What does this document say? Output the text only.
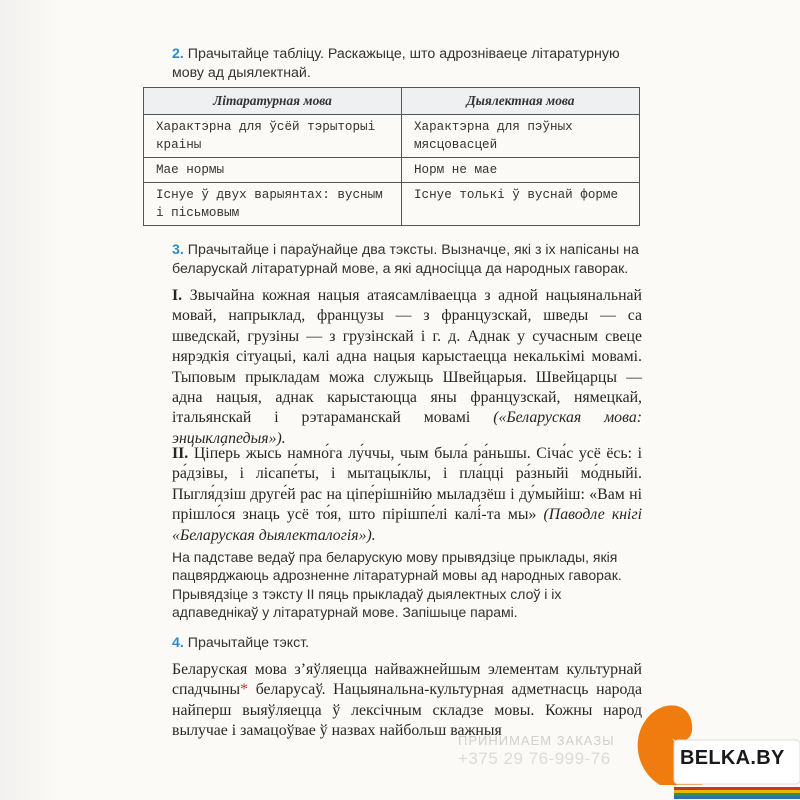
2. Прачытайце табліцу. Раскажыце, што адрозніваеце літаратурную мову ад дыялектнай.
Літаратурная мова	Дыялектная мова
Характэрна для ўсёй тэрыторыі краіны	Характэрна для пэўных мясцовасцей
Мае нормы	Норм не мае
Існуе ў двух варыянтах: вусным і пісьмовым	Існуе толькі ў вуснай форме
3. Прачытайце і параўнайце два тэксты. Вызначце, які з іх напісаны на беларускай літаратурнай мове, а які адносіцца да народных гаворак.
І. Звычайна кожная нацыя атаясамліваецца з адной нацыянальнай мовай, напрыклад, французы — з французскай, шведы — са шведскай, грузіны — з грузінскай і г. д. Аднак у сучасным свеце нярэдкія сітуацыі, калі адна нацыя карыстаецца некалькімі мовамі. Тыповым прыкладам можа служыць Швейцарыя. Швейцарцы — адна нацыя, аднак карыстаюцца яны французскай, нямецкай, італьянскай і рэтараманскай мовамі («Беларуская мова: энцыклапедыя»).
ІІ. Ціпе́рь жысь намно́га лу́ччы, чым была́ ра́ньшы. Січа́с усё ёсь: і ра́дзівы, і лісапе́ты, і мытацы́клы, і пла́цці ра́зныйі мо́дныйі. Пыгля́дзіш друге́й рас на ціпе́рішнійю мыладзёш і ду́мыйіш: «Вам ні прішло́ся знаць усё то́я, што пірішпе́лі калі́-та мы» (Паводле кнігі «Беларуская дыялекталогія»).
На падставе ведаў пра беларускую мову прывядзіце прыклады, якія пацвярджаюць адрозненне літаратурнай мовы ад народных гаворак.
Прывядзіце з тэксту ІІ пяць прыкладаў дыялектных слоў і іх адпаведнікаў у літаратурнай мове. Запішыце парамі.
4. Прачытайце тэкст.
Беларуская мова з’яўляецца найважнейшым элементам культурнай спадчыны* беларусаў. Нацыянальна-культурная адметнасць народа найперш выяўляецца ў лексічным складзе мовы. Кожны народ вылучае і замацоўвае ў назвах найбольш важныя
ПРИНИМАЕМ ЗАКАЗЫ
+375 29 76-999-76	BELKA.BY
